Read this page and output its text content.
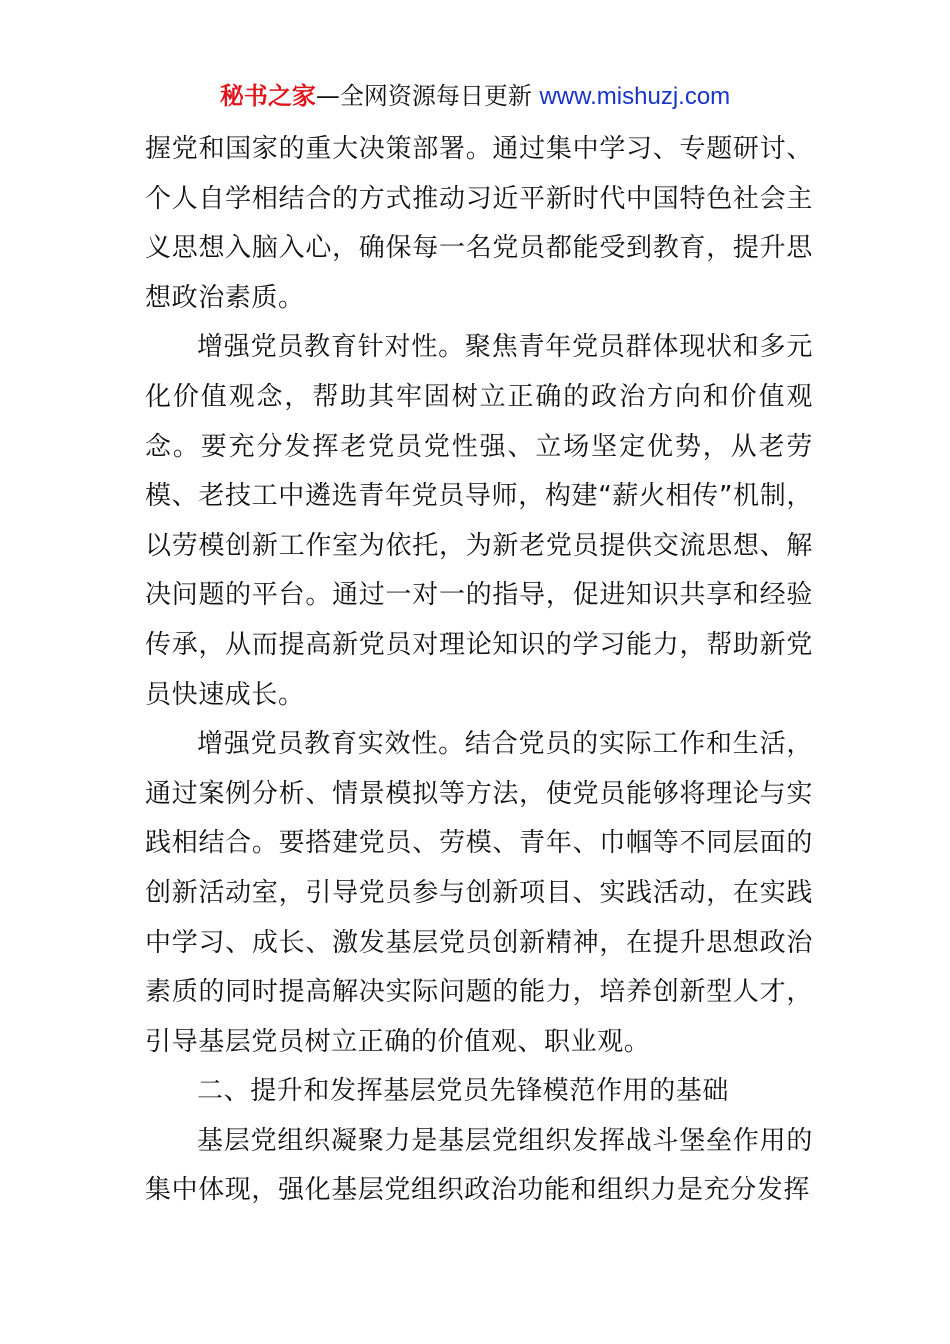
秘书之家—全网资源每日更新 www.mishuzj.com

握党和国家的重大决策部署。通过集中学习、专题研讨、个人自学相结合的方式推动习近平新时代中国特色社会主义思想入脑入心，确保每一名党员都能受到教育，提升思想政治素质。

增强党员教育针对性。聚焦青年党员群体现状和多元化价值观念，帮助其牢固树立正确的政治方向和价值观念。要充分发挥老党员党性强、立场坚定优势，从老劳模、老技工中遴选青年党员导师，构建“薪火相传”机制，以劳模创新工作室为依托，为新老党员提供交流思想、解决问题的平台。通过一对一的指导，促进知识共享和经验传承，从而提高新党员对理论知识的学习能力，帮助新党员快速成长。

增强党员教育实效性。结合党员的实际工作和生活，通过案例分析、情景模拟等方法，使党员能够将理论与实践相结合。要搭建党员、劳模、青年、巾帼等不同层面的创新活动室，引导党员参与创新项目、实践活动，在实践中学习、成长、激发基层党员创新精神，在提升思想政治素质的同时提高解决实际问题的能力，培养创新型人才，引导基层党员树立正确的价值观、职业观。

二、提升和发挥基层党员先锋模范作用的基础

基层党组织凝聚力是基层党组织发挥战斗堡垒作用的集中体现，强化基层党组织政治功能和组织力是充分发挥
